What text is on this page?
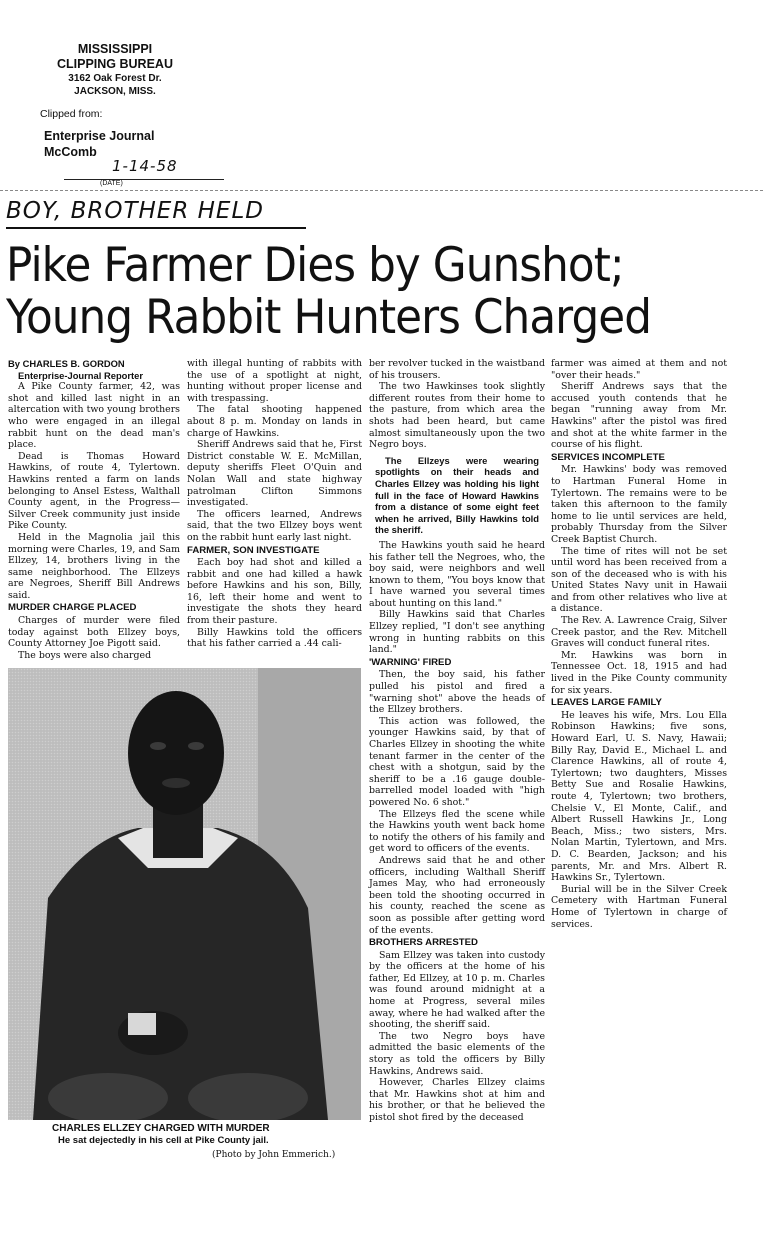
MISSISSIPPI
CLIPPING BUREAU
3162 Oak Forest Dr.
JACKSON, MISS.
Clipped from:
Enterprise Journal
McComb
1-14-58
(DATE)
BOY, BROTHER HELD
Pike Farmer Dies by Gunshot;
Young Rabbit Hunters Charged

By CHARLES B. GORDON

Enterprise-Journal Reporter

A Pike County farmer, 42, was shot and killed last night in an altercation with two young brothers who were engaged in an illegal rabbit hunt on the dead man's place.

Dead is Thomas Howard Hawkins, of route 4, Tylertown. Hawkins rented a farm on lands belonging to Ansel Estess, Walthall County agent, in the Progress—Silver Creek community just inside Pike County.

Held in the Magnolia jail this morning were Charles, 19, and Sam Ellzey, 14, brothers living in the same neighborhood. The Ellzeys are Negroes, Sheriff Bill Andrews said.

MURDER CHARGE PLACED

Charges of murder were filed today against both Ellzey boys, County Attorney Joe Pigott said.

The boys were also charged

with illegal hunting of rabbits with the use of a spotlight at night, hunting without proper license and with trespassing.

The fatal shooting happened about 8 p. m. Monday on lands in charge of Hawkins.

Sheriff Andrews said that he, First District constable W. E. McMillan, deputy sheriffs Fleet O'Quin and Nolan Wall and state highway patrolman Clifton Simmons investigated.

The officers learned, Andrews said, that the two Ellzey boys went on the rabbit hunt early last night.

FARMER, SON INVESTIGATE

Each boy had shot and killed a rabbit and one had killed a hawk before Hawkins and his son, Billy, 16, left their home and went to investigate the shots they heard from their pasture.

Billy Hawkins told the officers that his father carried a .44 cali-

CHARLES ELLZEY CHARGED WITH MURDER
He sat dejectedly in his cell at Pike County jail.
(Photo by John Emmerich.)

ber revolver tucked in the waistband of his trousers.

The two Hawkinses took slightly different routes from their home to the pasture, from which area the shots had been heard, but came almost simultaneously upon the two Negro boys.

The Ellzeys were wearing spotlights on their heads and Charles Ellzey was holding his light full in the face of Howard Hawkins from a distance of some eight feet when he arrived, Billy Hawkins told the sheriff.

The Hawkins youth said he heard his father tell the Negroes, who, the boy said, were neighbors and well known to them, "You boys know that I have warned you several times about hunting on this land."

Billy Hawkins said that Charles Ellzey replied, "I don't see anything wrong in hunting rabbits on this land."

'WARNING' FIRED

Then, the boy said, his father pulled his pistol and fired a "warning shot" above the heads of the Ellzey brothers.

This action was followed, the younger Hawkins said, by that of Charles Ellzey in shooting the white tenant farmer in the center of the chest with a shotgun, said by the sheriff to be a .16 gauge double-barrelled model loaded with "high powered No. 6 shot."

The Ellzeys fled the scene while the Hawkins youth went back home to notify the others of his family and get word to officers of the events.

Andrews said that he and other officers, including Walthall Sheriff James May, who had erroneously been told the shooting occurred in his county, reached the scene as soon as possible after getting word of the events.

BROTHERS ARRESTED

Sam Ellzey was taken into custody by the officers at the home of his father, Ed Ellzey, at 10 p. m. Charles was found around midnight at a home at Progress, several miles away, where he had walked after the shooting, the sheriff said.

The two Negro boys have admitted the basic elements of the story as told the officers by Billy Hawkins, Andrews said.

However, Charles Ellzey claims that Mr. Hawkins shot at him and his brother, or that he believed the pistol shot fired by the deceased

farmer was aimed at them and not "over their heads."

Sheriff Andrews says that the accused youth contends that he began "running away from Mr. Hawkins" after the pistol was fired and shot at the white farmer in the course of his flight.

SERVICES INCOMPLETE

Mr. Hawkins' body was removed to Hartman Funeral Home in Tylertown. The remains were to be taken this afternoon to the family home to lie until services are held, probably Thursday from the Silver Creek Baptist Church.

The time of rites will not be set until word has been received from a son of the deceased who is with his United States Navy unit in Hawaii and from other relatives who live at a distance.

The Rev. A. Lawrence Craig, Silver Creek pastor, and the Rev. Mitchell Graves will conduct funeral rites.

Mr. Hawkins was born in Tennessee Oct. 18, 1915 and had lived in the Pike County community for six years.

LEAVES LARGE FAMILY

He leaves his wife, Mrs. Lou Ella Robinson Hawkins; five sons, Howard Earl, U. S. Navy, Hawaii; Billy Ray, David E., Michael L. and Clarence Hawkins, all of route 4, Tylertown; two daughters, Misses Betty Sue and Rosalie Hawkins, route 4, Tylertown; two brothers, Chelsie V., El Monte, Calif., and Albert Russell Hawkins Jr., Long Beach, Miss.; two sisters, Mrs. Nolan Martin, Tylertown, and Mrs. D. C. Bearden, Jackson; and his parents, Mr. and Mrs. Albert R. Hawkins Sr., Tylertown.

Burial will be in the Silver Creek Cemetery with Hartman Funeral Home of Tylertown in charge of services.
